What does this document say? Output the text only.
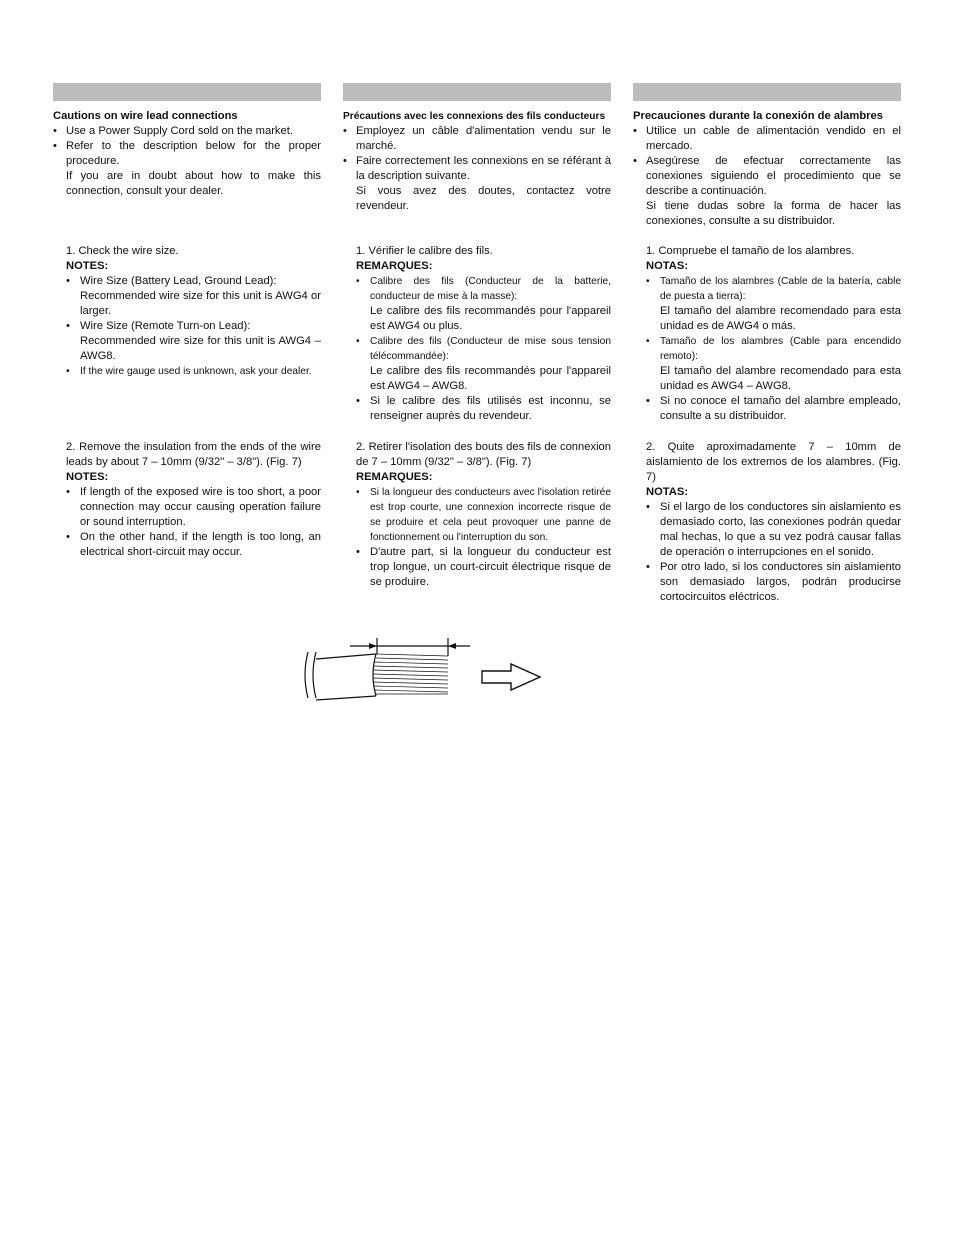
Cautions on wire lead connections

• Use a Power Supply Cord sold on the market.

• Refer to the description below for the proper procedure.

If you are in doubt about how to make this connection, consult your dealer.

1. Check the wire size.

NOTES:

• Wire Size (Battery Lead, Ground Lead):

Recommended wire size for this unit is AWG4 or larger.

• Wire Size (Remote Turn-on Lead):

Recommended wire size for this unit is AWG4 – AWG8.

• If the wire gauge used is unknown, ask your dealer.

2. Remove the insulation from the ends of the wire leads by about 7 – 10mm (9/32" – 3/8"). (Fig. 7)

NOTES:

• If length of the exposed wire is too short, a poor connection may occur causing operation failure or sound interruption.

• On the other hand, if the length is too long, an electrical short-circuit may occur.

Précautions avec les connexions des fils conducteurs

• Employez un câble d'alimentation vendu sur le marché.

• Faire correctement les connexions en se référant à la description suivante.

Si vous avez des doutes, contactez votre revendeur.

1. Vérifier le calibre des fils.

REMARQUES:

• Calibre des fils (Conducteur de la batterie, conducteur de mise à la masse):

Le calibre des fils recommandés pour l'appareil est AWG4 ou plus.

• Calibre des fils (Conducteur de mise sous tension télécommandée):

Le calibre des fils recommandés pour l'appareil est AWG4 – AWG8.

• Si le calibre des fils utilisés est inconnu, se renseigner auprès du revendeur.

2. Retirer l'isolation des bouts des fils de connexion de 7 – 10mm (9/32" – 3/8"). (Fig. 7)

REMARQUES:

• Si la longueur des conducteurs avec l'isolation retirée est trop courte, une connexion incorrecte risque de se produire et cela peut provoquer une panne de fonctionnement ou l'interruption du son.

• D'autre part, si la longueur du conducteur est trop longue, un court-circuit électrique risque de se produire.

Precauciones durante la conexión de alambres

• Utilice un cable de alimentación vendido en el mercado.

• Asegúrese de efectuar correctamente las conexiones siguiendo el procedimiento que se describe a continuación.

Si tiene dudas sobre la forma de hacer las conexiones, consulte a su distribuidor.

1. Compruebe el tamaño de los alambres.

NOTAS:

• Tamaño de los alambres (Cable de la batería, cable de puesta a tierra):

El tamaño del alambre recomendado para esta unidad es de AWG4 o más.

• Tamaño de los alambres (Cable para encendido remoto):

El tamaño del alambre recomendado para esta unidad es AWG4 – AWG8.

• Si no conoce el tamaño del alambre empleado, consulte a su distribuidor.

2. Quite aproximadamente 7 – 10mm de aislamiento de los extremos de los alambres. (Fig. 7)

NOTAS:

• Si el largo de los conductores sin aislamiento es demasiado corto, las conexiones podrán quedar mal hechas, lo que a su vez podrá causar fallas de operación o interrupciones en el sonido.

• Por otro lado, si los conductores sin aislamiento son demasiado largos, podrán producirse cortocircuitos eléctricos.
